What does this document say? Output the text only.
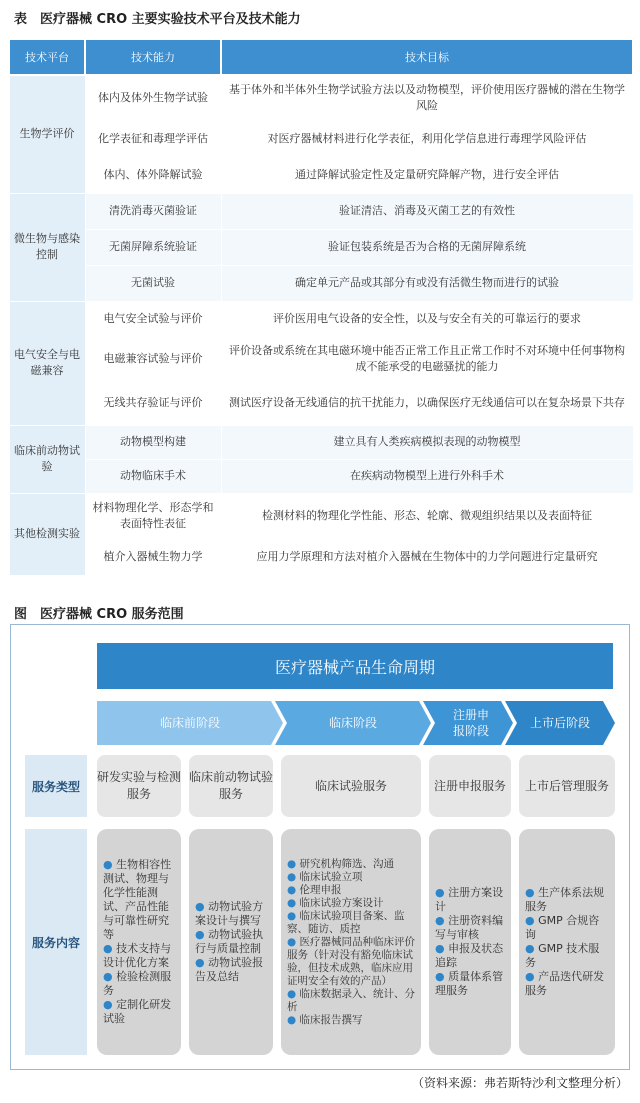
表　医疗器械 CRO 主要实验技术平台及技术能力
技术平台	技术能力	技术目标
生物学评价	体内及体外生物学试验	基于体外和半体外生物学试验方法以及动物模型，评价使用医疗器械的潜在生物学风险
	化学表征和毒理学评估	对医疗器械材料进行化学表征，利用化学信息进行毒理学风险评估
	体内、体外降解试验	通过降解试验定性及定量研究降解产物，进行安全评估
微生物与感染控制	清洗消毒灭菌验证	验证清洁、消毒及灭菌工艺的有效性
	无菌屏障系统验证	验证包装系统是否为合格的无菌屏障系统
	无菌试验	确定单元产品或其部分有或没有活微生物而进行的试验
电气安全与电磁兼容	电气安全试验与评价	评价医用电气设备的安全性，以及与安全有关的可靠运行的要求
	电磁兼容试验与评价	评价设备或系统在其电磁环境中能否正常工作且正常工作时不对环境中任何事物构成不能承受的电磁骚扰的能力
	无线共存验证与评价	测试医疗设备无线通信的抗干扰能力，以确保医疗无线通信可以在复杂场景下共存
临床前动物试验	动物模型构建	建立具有人类疾病模拟表现的动物模型
	动物临床手术	在疾病动物模型上进行外科手术
其他检测实验	材料物理化学、形态学和表面特性表征	检测材料的物理化学性能、形态、轮廓、微观组织结果以及表面特征
	植介入器械生物力学	应用力学原理和方法对植介入器械在生物体中的力学问题进行定量研究
图　医疗器械 CRO 服务范围
医疗器械产品生命周期
临床前阶段	临床阶段
注册申报阶段
上市后阶段
服务类型
服务内容
研发实验与检测服务
临床前动物试验服务
临床试验服务	注册申报服务	上市后管理服务
● 生物相容性测试、物理与化学性能测试、产品性能与可靠性研究等
● 技术支持与设计优化方案
● 检验检测服务
● 定制化研发试验
● 动物试验方案设计与撰写
● 动物试验执行与质量控制
● 动物试验报告及总结
● 研究机构筛选、沟通
● 临床试验立项
● 伦理申报
● 临床试验方案设计
● 临床试验项目备案、监察、随访、质控
● 医疗器械同品种临床评价服务（针对没有豁免临床试验，但技术成熟，临床应用证明安全有效的产品）
● 临床数据录入、统计、分析
● 临床报告撰写
● 注册方案设计
● 注册资料编写与审核
● 申报及状态追踪
● 质量体系管理服务
● 生产体系法规服务
● GMP 合规咨询
● GMP 技术服务
● 产品迭代研发服务
（资料来源：弗若斯特沙利文整理分析）
